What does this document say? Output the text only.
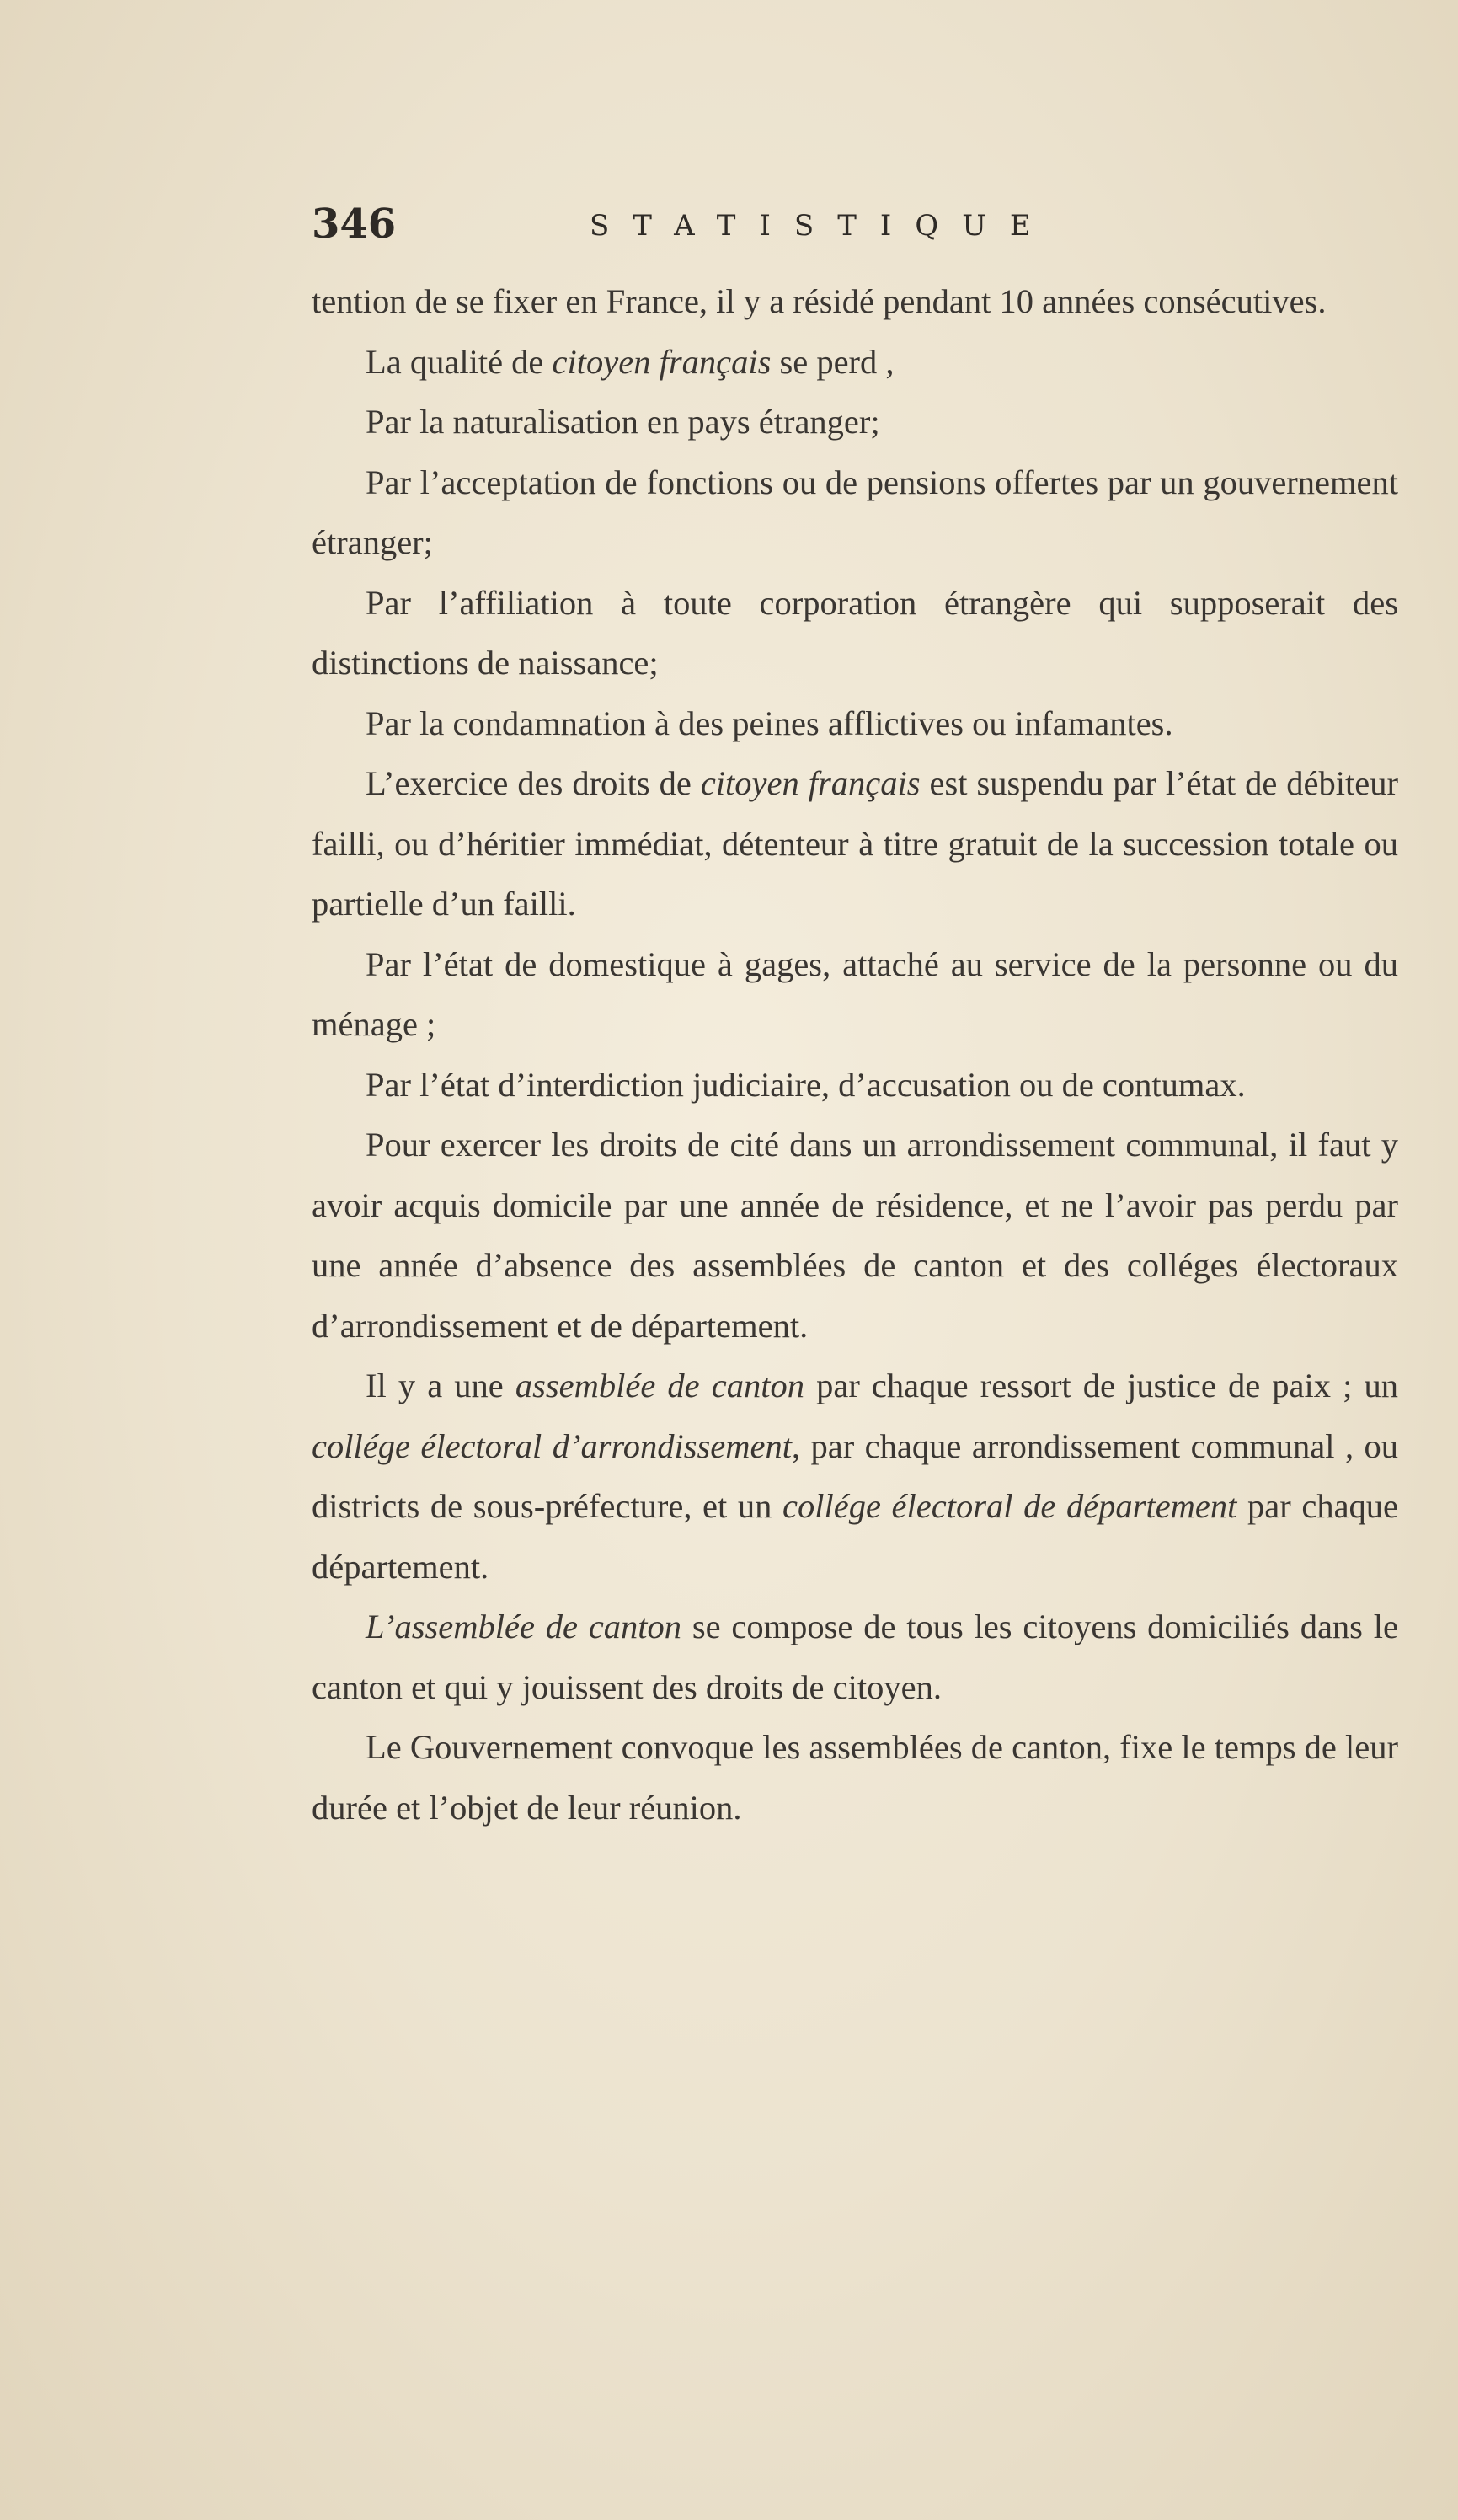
346	STATISTIQUE

tention de se fixer en France, il y a résidé pendant 10 années consécutives.

La qualité de citoyen français se perd ,

Par la naturalisation en pays étranger;

Par l’acceptation de fonctions ou de pensions offertes par un gouvernement étranger;

Par l’affiliation à toute corporation étrangère qui supposerait des distinctions de naissance;

Par la condamnation à des peines afflictives ou infamantes.

L’exercice des droits de citoyen français est suspendu par l’état de débiteur failli, ou d’héritier immédiat, détenteur à titre gratuit de la succession totale ou partielle d’un failli.

Par l’état de domestique à gages, attaché au service de la personne ou du ménage ;

Par l’état d’interdiction judiciaire, d’accusation ou de contumax.

Pour exercer les droits de cité dans un arrondissement communal, il faut y avoir acquis domicile par une année de résidence, et ne l’avoir pas perdu par une année d’absence des assemblées de canton et des colléges électoraux d’arrondissement et de département.

Il y a une assemblée de canton par chaque ressort de justice de paix ; un collége électoral d’arrondissement, par chaque arrondissement communal , ou districts de sous-préfecture, et un collége électoral de département par chaque département.

L’assemblée de canton se compose de tous les citoyens domiciliés dans le canton et qui y jouissent des droits de citoyen.

Le Gouvernement convoque les assemblées de canton, fixe le temps de leur durée et l’objet de leur réunion.
